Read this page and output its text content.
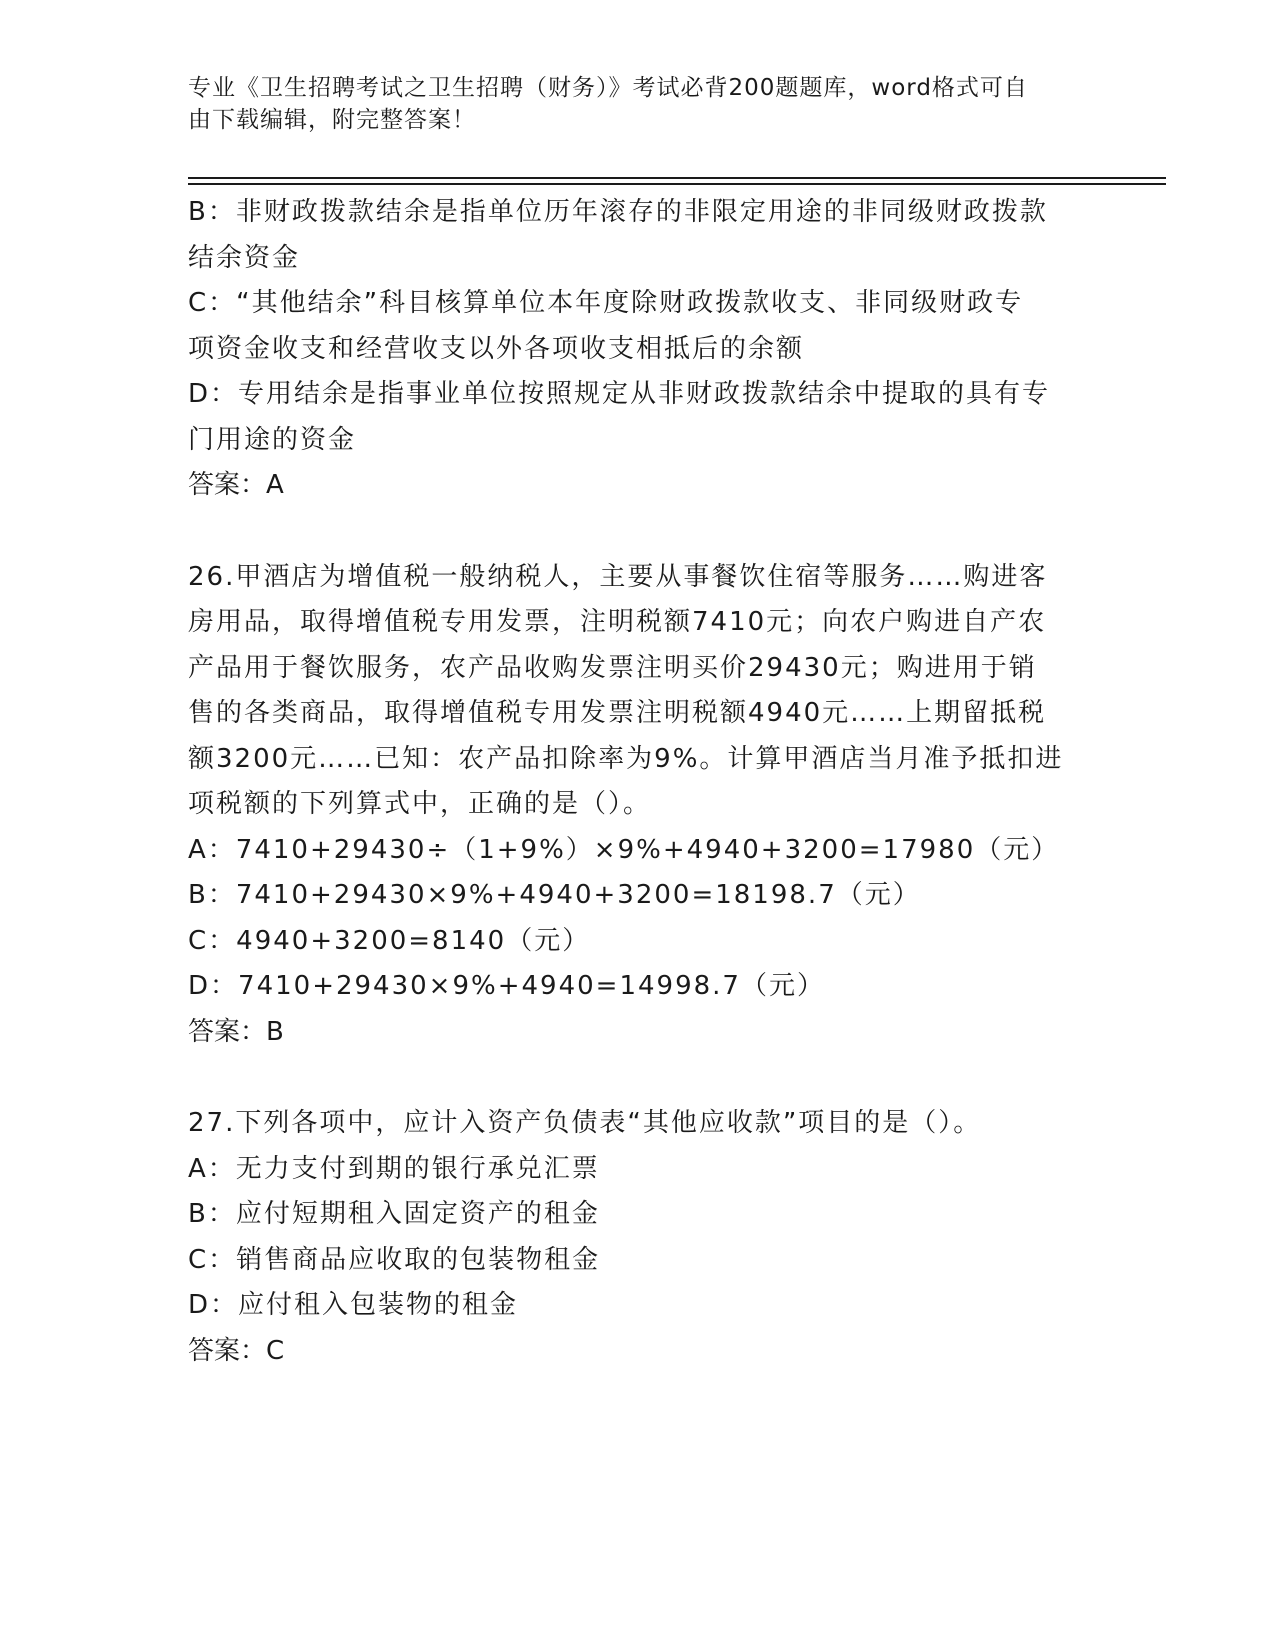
专业《卫生招聘考试之卫生招聘（财务）》考试必背200题题库，word格式可自
由下载编辑，附完整答案！
B：非财政拨款结余是指单位历年滚存的非限定用途的非同级财政拨款
结余资金
C：“其他结余”科目核算单位本年度除财政拨款收支、非同级财政专
项资金收支和经营收支以外各项收支相抵后的余额
D：专用结余是指事业单位按照规定从非财政拨款结余中提取的具有专
门用途的资金
答案：A
26.甲酒店为增值税一般纳税人，主要从事餐饮住宿等服务……购进客
房用品，取得增值税专用发票，注明税额7410元；向农户购进自产农
产品用于餐饮服务，农产品收购发票注明买价29430元；购进用于销
售的各类商品，取得增值税专用发票注明税额4940元……上期留抵税
额3200元……已知：农产品扣除率为9%。计算甲酒店当月准予抵扣进
项税额的下列算式中，正确的是（）。
A：7410+29430÷（1+9%）×9%+4940+3200=17980（元）
B：7410+29430×9%+4940+3200=18198.7（元）
C：4940+3200=8140（元）
D：7410+29430×9%+4940=14998.7（元）
答案：B
27.下列各项中，应计入资产负债表“其他应收款”项目的是（）。
A：无力支付到期的银行承兑汇票
B：应付短期租入固定资产的租金
C：销售商品应收取的包装物租金
D：应付租入包装物的租金
答案：C
